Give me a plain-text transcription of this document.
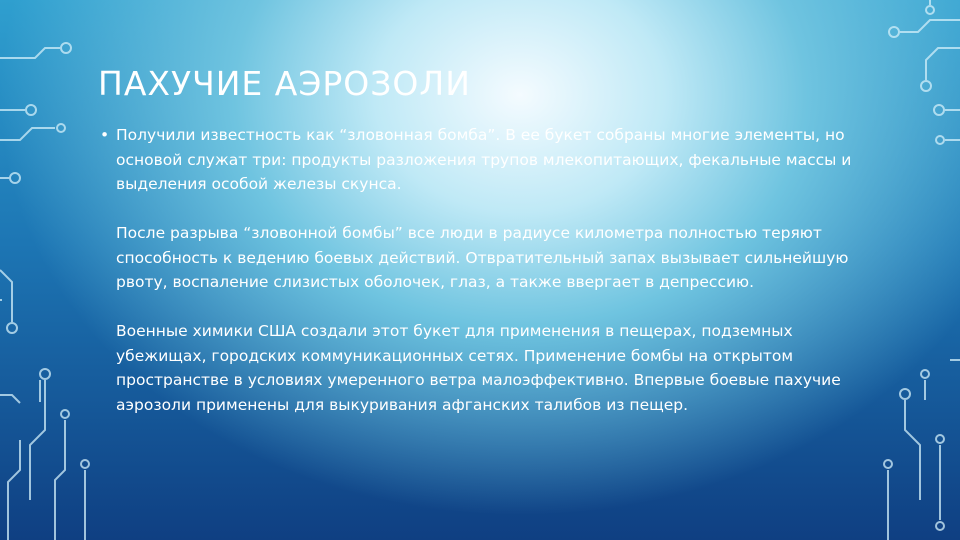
ПАХУЧИЕ АЭРОЗОЛИ
• Получили известность как “зловонная бомба”. В ее букет собраны многие элементы, но основой служат три: продукты разложения трупов млекопитающих, фекальные массы и выделения особой железы скунса.

После разрыва “зловонной бомбы” все люди в радиусе километра полностью теряют способность к ведению боевых действий. Отвратительный запах вызывает сильнейшую рвоту, воспаление слизистых оболочек, глаз, а также ввергает в депрессию.

Военные химики США создали этот букет для применения в пещерах, подземных убежищах, городских коммуникационных сетях. Применение бомбы на открытом пространстве в условиях умеренного ветра малоэффективно. Впервые боевые пахучие аэрозоли применены для выкуривания афганских талибов из пещер.
